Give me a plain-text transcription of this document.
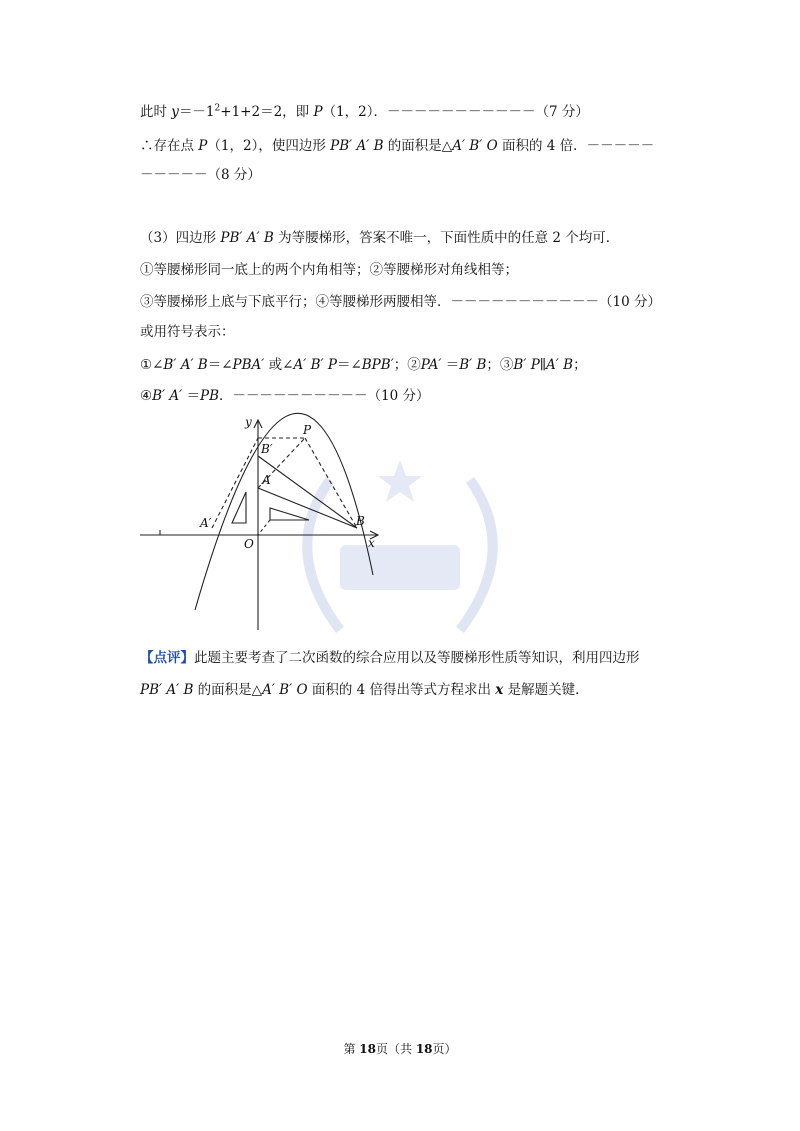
此时 $y=-1^2+1+2=2$，即 P（1，2）．－－－－－－－－－－－（7 分）
∴存在点 P（1，2），使四边形 PB′ A′ B 的面积是△A′ B′ O 面积的 4 倍．－－－－－
－－－－－（8 分）
（3）四边形 PB′ A′ B 为等腰梯形，答案不唯一，下面性质中的任意 2 个均可．
①等腰梯形同一底上的两个内角相等；②等腰梯形对角线相等；
③等腰梯形上底与下底平行；④等腰梯形两腰相等．－－－－－－－－－－－（10 分）
或用符号表示：
①∠B′ A′ B＝∠PBA′ 或∠A′ B′ P＝∠BPB′；②PA′ ＝B′ B；③B′ P∥A′ B；
④B′ A′ ＝PB．－－－－－－－－－－（10 分）
y
P
B′
A
A′
O
B
x
【点评】此题主要考查了二次函数的综合应用以及等腰梯形性质等知识，利用四边形
PB′ A′ B 的面积是△A′ B′ O 面积的 4 倍得出等式方程求出 x 是解题关键．
第 18页（共 18页）
